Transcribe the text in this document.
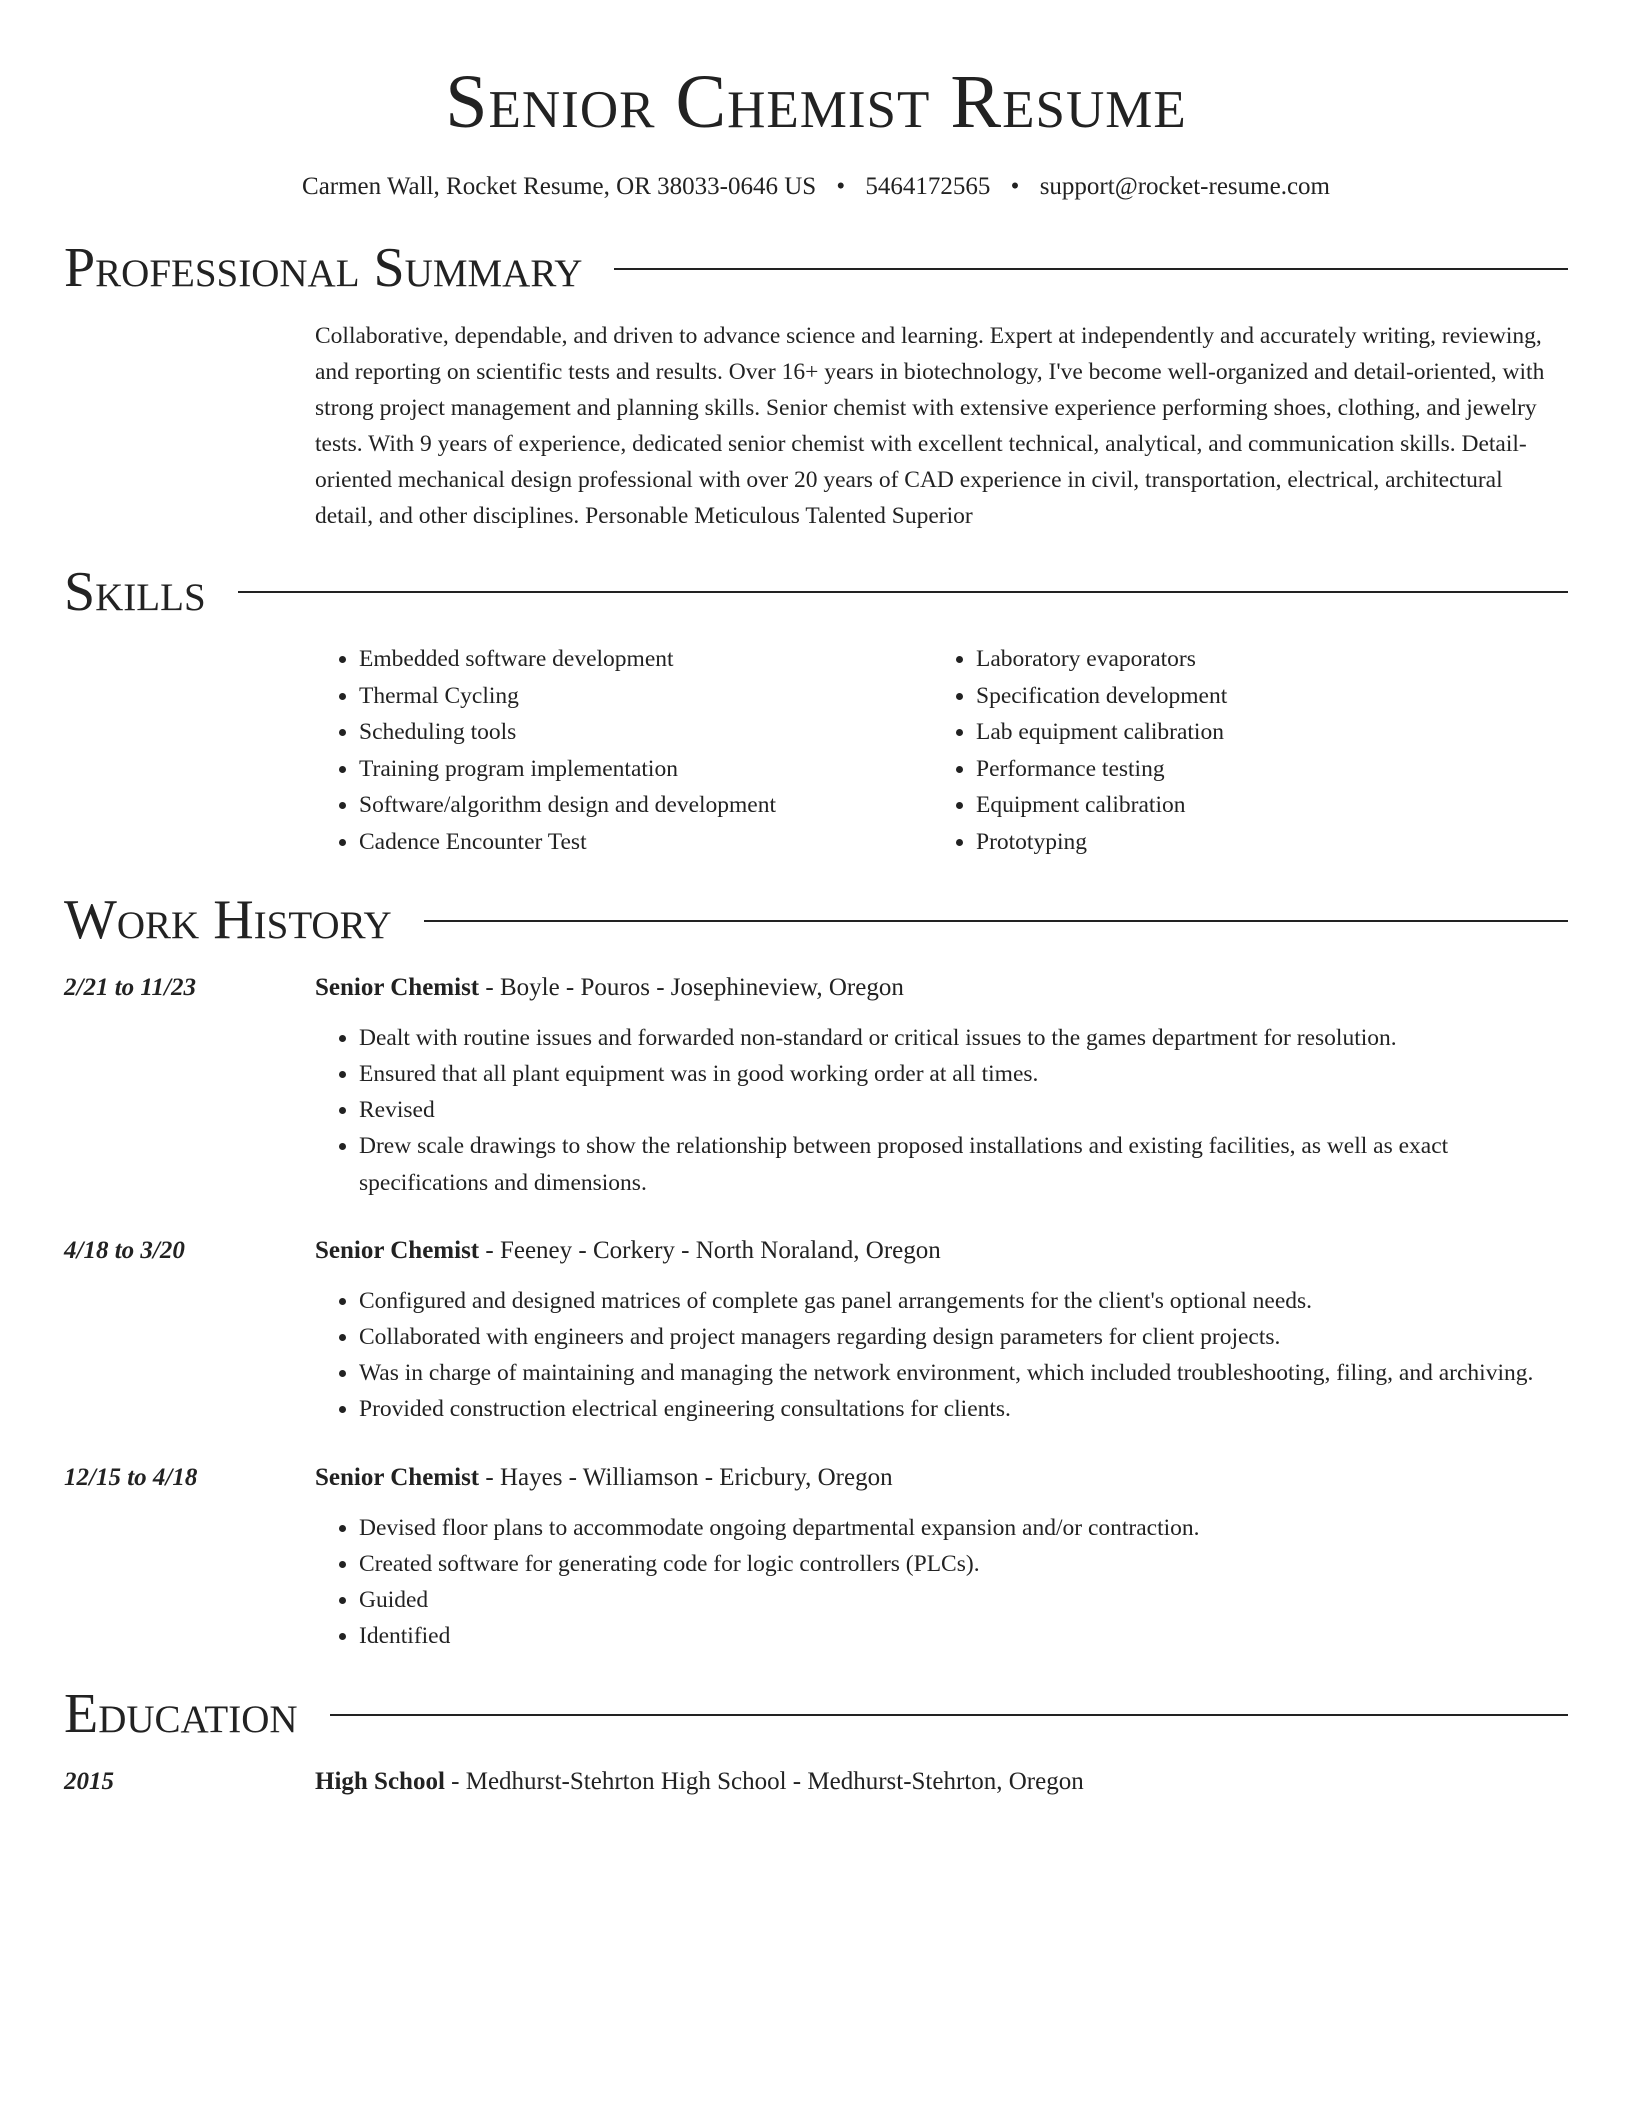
Senior Chemist Resume
Carmen Wall, Rocket Resume, OR 38033-0646 US • 5464172565 • support@rocket-resume.com
Professional Summary
Collaborative, dependable, and driven to advance science and learning. Expert at independently and accurately writing, reviewing, and reporting on scientific tests and results. Over 16+ years in biotechnology, I've become well-organized and detail-oriented, with strong project management and planning skills. Senior chemist with extensive experience performing shoes, clothing, and jewelry tests. With 9 years of experience, dedicated senior chemist with excellent technical, analytical, and communication skills. Detail-oriented mechanical design professional with over 20 years of CAD experience in civil, transportation, electrical, architectural detail, and other disciplines. Personable Meticulous Talented Superior
Skills
• Embedded software development
• Thermal Cycling
• Scheduling tools
• Training program implementation
• Software/algorithm design and development
• Cadence Encounter Test
• Laboratory evaporators
• Specification development
• Lab equipment calibration
• Performance testing
• Equipment calibration
• Prototyping
Work History
2/21 to 11/23	Senior Chemist - Boyle - Pouros - Josephineview, Oregon
• Dealt with routine issues and forwarded non-standard or critical issues to the games department for resolution.
• Ensured that all plant equipment was in good working order at all times.
• Revised
• Drew scale drawings to show the relationship between proposed installations and existing facilities, as well as exact specifications and dimensions.
4/18 to 3/20	Senior Chemist - Feeney - Corkery - North Noraland, Oregon
• Configured and designed matrices of complete gas panel arrangements for the client's optional needs.
• Collaborated with engineers and project managers regarding design parameters for client projects.
• Was in charge of maintaining and managing the network environment, which included troubleshooting, filing, and archiving.
• Provided construction electrical engineering consultations for clients.
12/15 to 4/18	Senior Chemist - Hayes - Williamson - Ericbury, Oregon
• Devised floor plans to accommodate ongoing departmental expansion and/or contraction.
• Created software for generating code for logic controllers (PLCs).
• Guided
• Identified
Education
2015	High School - Medhurst-Stehrton High School - Medhurst-Stehrton, Oregon
